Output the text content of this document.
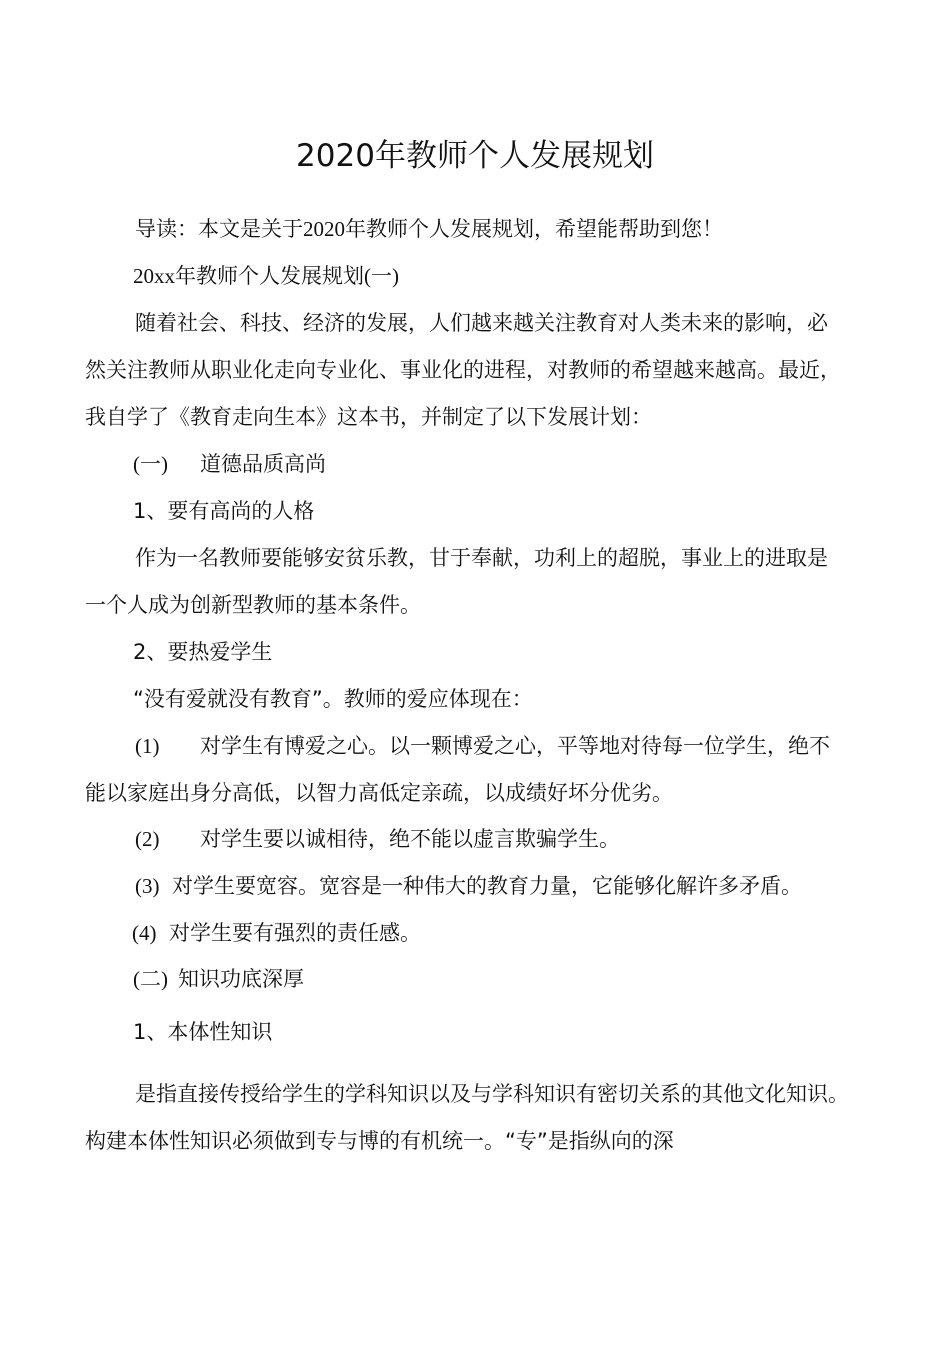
2020年教师个人发展规划
导读：本文是关于2020年教师个人发展规划，希望能帮助到您！
20xx年教师个人发展规划(一)
随着社会、科技、经济的发展，人们越来越关注教育对人类未来的影响，必
然关注教师从职业化走向专业化、事业化的进程，对教师的希望越来越高。最近，
我自学了《教育走向生本》这本书，并制定了以下发展计划：
(一) 道德品质高尚
1、要有高尚的人格
作为一名教师要能够安贫乐教，甘于奉献，功利上的超脱，事业上的进取是
一个人成为创新型教师的基本条件。
2、要热爱学生
“没有爱就没有教育”。教师的爱应体现在：
(1) 对学生有博爱之心。以一颗博爱之心，平等地对待每一位学生，绝不
能以家庭出身分高低，以智力高低定亲疏，以成绩好坏分优劣。
(2) 对学生要以诚相待，绝不能以虚言欺骗学生。
(3) 对学生要宽容。宽容是一种伟大的教育力量，它能够化解许多矛盾。
(4) 对学生要有强烈的责任感。
(二) 知识功底深厚
1、本体性知识
是指直接传授给学生的学科知识以及与学科知识有密切关系的其他文化知识。
构建本体性知识必须做到专与博的有机统一。“专”是指纵向的深
